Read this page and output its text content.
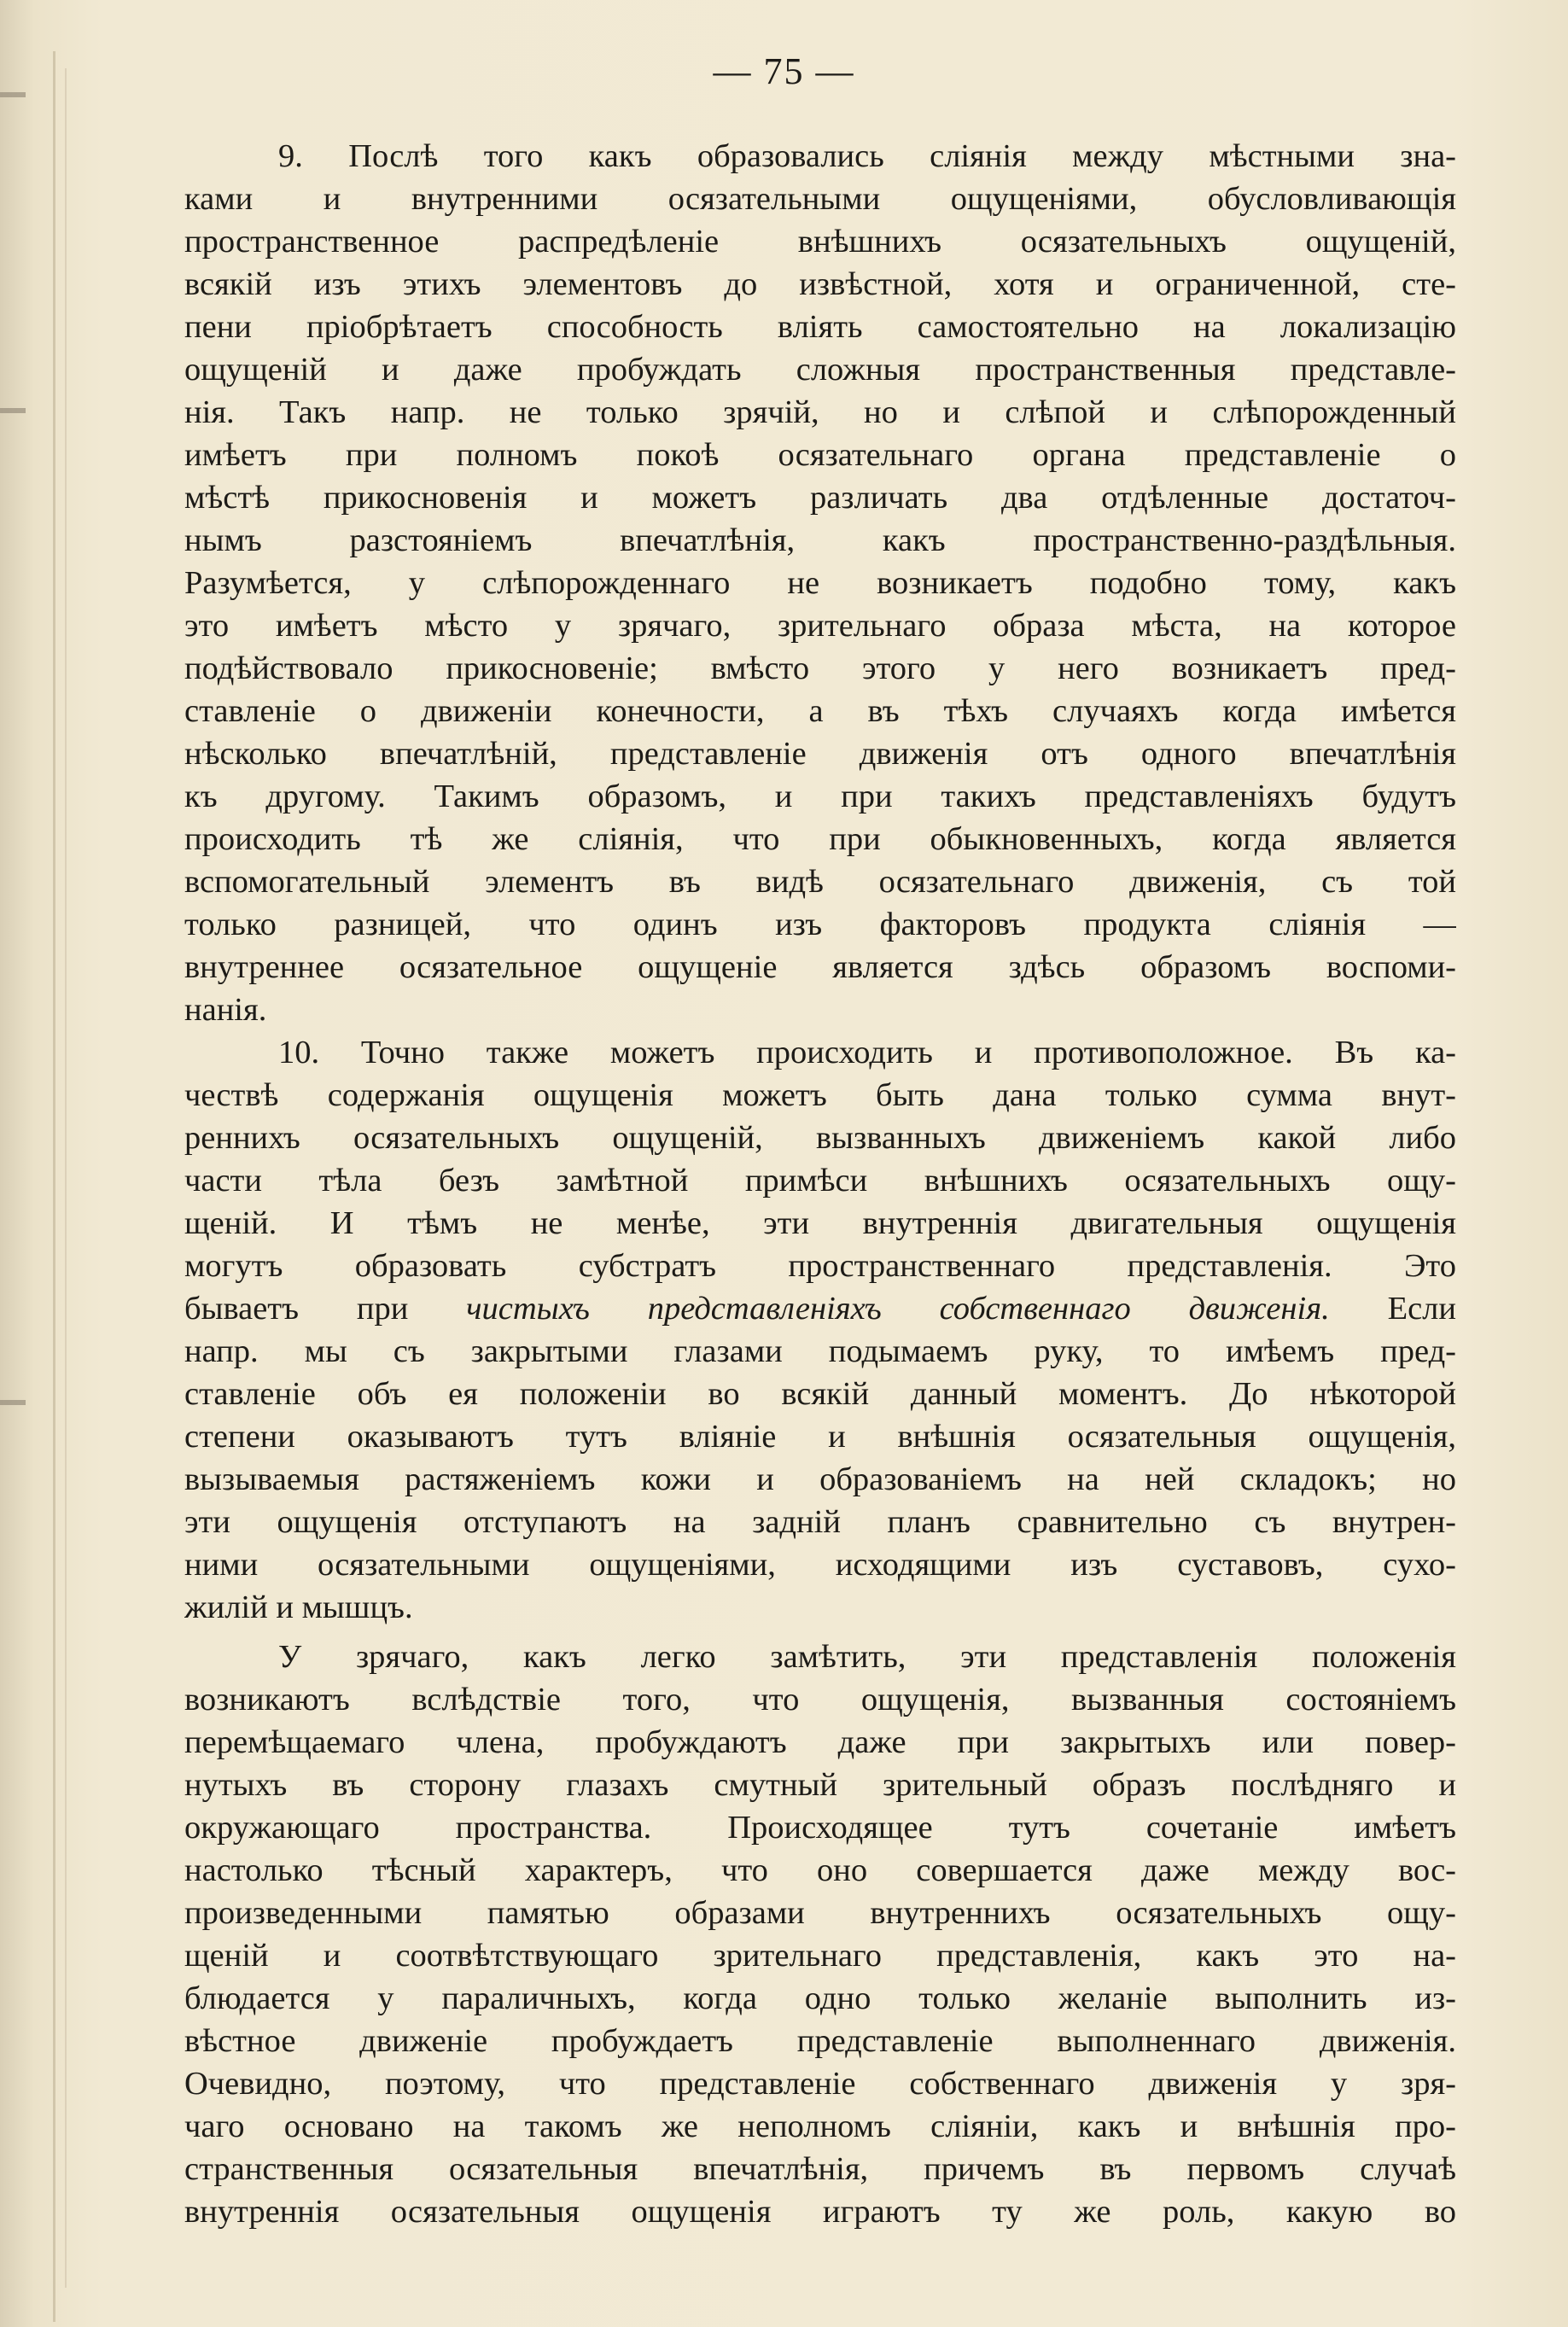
— 75 —
9. Послѣ того какъ образовались сліянія между мѣстными зна-
ками и внутренними осязательными ощущеніями, обусловливающія
пространственное распредѣленіе внѣшнихъ осязательныхъ ощущеній,
всякій изъ этихъ элементовъ до извѣстной, хотя и ограниченной, сте-
пени пріобрѣтаетъ способность вліять самостоятельно на локализацію
ощущеній и даже пробуждать сложныя пространственныя представле-
нія. Такъ напр. не только зрячій, но и слѣпой и слѣпорожденный
имѣетъ при полномъ покоѣ осязательнаго органа представленіе о
мѣстѣ прикосновенія и можетъ различать два отдѣленные достаточ-
нымъ разстояніемъ впечатлѣнія, какъ пространственно-раздѣльныя.
Разумѣется, у слѣпорожденнаго не возникаетъ подобно тому, какъ
это имѣетъ мѣсто у зрячаго, зрительнаго образа мѣста, на которое
подѣйствовало прикосновеніе; вмѣсто этого у него возникаетъ пред-
ставленіе о движеніи конечности, а въ тѣхъ случаяхъ когда имѣется
нѣсколько впечатлѣній, представленіе движенія отъ одного впечатлѣнія
къ другому. Такимъ образомъ, и при такихъ представленіяхъ будутъ
происходить тѣ же сліянія, что при обыкновенныхъ, когда является
вспомогательный элементъ въ видѣ осязательнаго движенія, съ той
только разницей, что одинъ изъ факторовъ продукта сліянія —
внутреннее осязательное ощущеніе является здѣсь образомъ воспоми-
нанія.
10. Точно также можетъ происходить и противоположное. Въ ка-
чествѣ содержанія ощущенія можетъ быть дана только сумма внут-
реннихъ осязательныхъ ощущеній, вызванныхъ движеніемъ какой либо
части тѣла безъ замѣтной примѣси внѣшнихъ осязательныхъ ощу-
щеній. И тѣмъ не менѣе, эти внутреннія двигательныя ощущенія
могутъ образовать субстратъ пространственнаго представленія. Это
бываетъ при чистыхъ представленіяхъ собственнаго движенія. Если
напр. мы съ закрытыми глазами подымаемъ руку, то имѣемъ пред-
ставленіе объ ея положеніи во всякій данный моментъ. До нѣкоторой
степени оказываютъ тутъ вліяніе и внѣшнія осязательныя ощущенія,
вызываемыя растяженіемъ кожи и образованіемъ на ней складокъ; но
эти ощущенія отступаютъ на задній планъ сравнительно съ внутрен-
ними осязательными ощущеніями, исходящими изъ суставовъ, сухо-
жилій и мышцъ.
У зрячаго, какъ легко замѣтить, эти представленія положенія
возникаютъ вслѣдствіе того, что ощущенія, вызванныя состояніемъ
перемѣщаемаго члена, пробуждаютъ даже при закрытыхъ или повер-
нутыхъ въ сторону глазахъ смутный зрительный образъ послѣдняго и
окружающаго пространства. Происходящее тутъ сочетаніе имѣетъ
настолько тѣсный характеръ, что оно совершается даже между вос-
произведенными памятью образами внутреннихъ осязательныхъ ощу-
щеній и соотвѣтствующаго зрительнаго представленія, какъ это на-
блюдается у параличныхъ, когда одно только желаніе выполнить из-
вѣстное движеніе пробуждаетъ представленіе выполненнаго движенія.
Очевидно, поэтому, что представленіе собственнаго движенія у зря-
чаго основано на такомъ же неполномъ сліяніи, какъ и внѣшнія про-
странственныя осязательныя впечатлѣнія, причемъ въ первомъ случаѣ
внутреннія осязательныя ощущенія играютъ ту же роль, какую во
